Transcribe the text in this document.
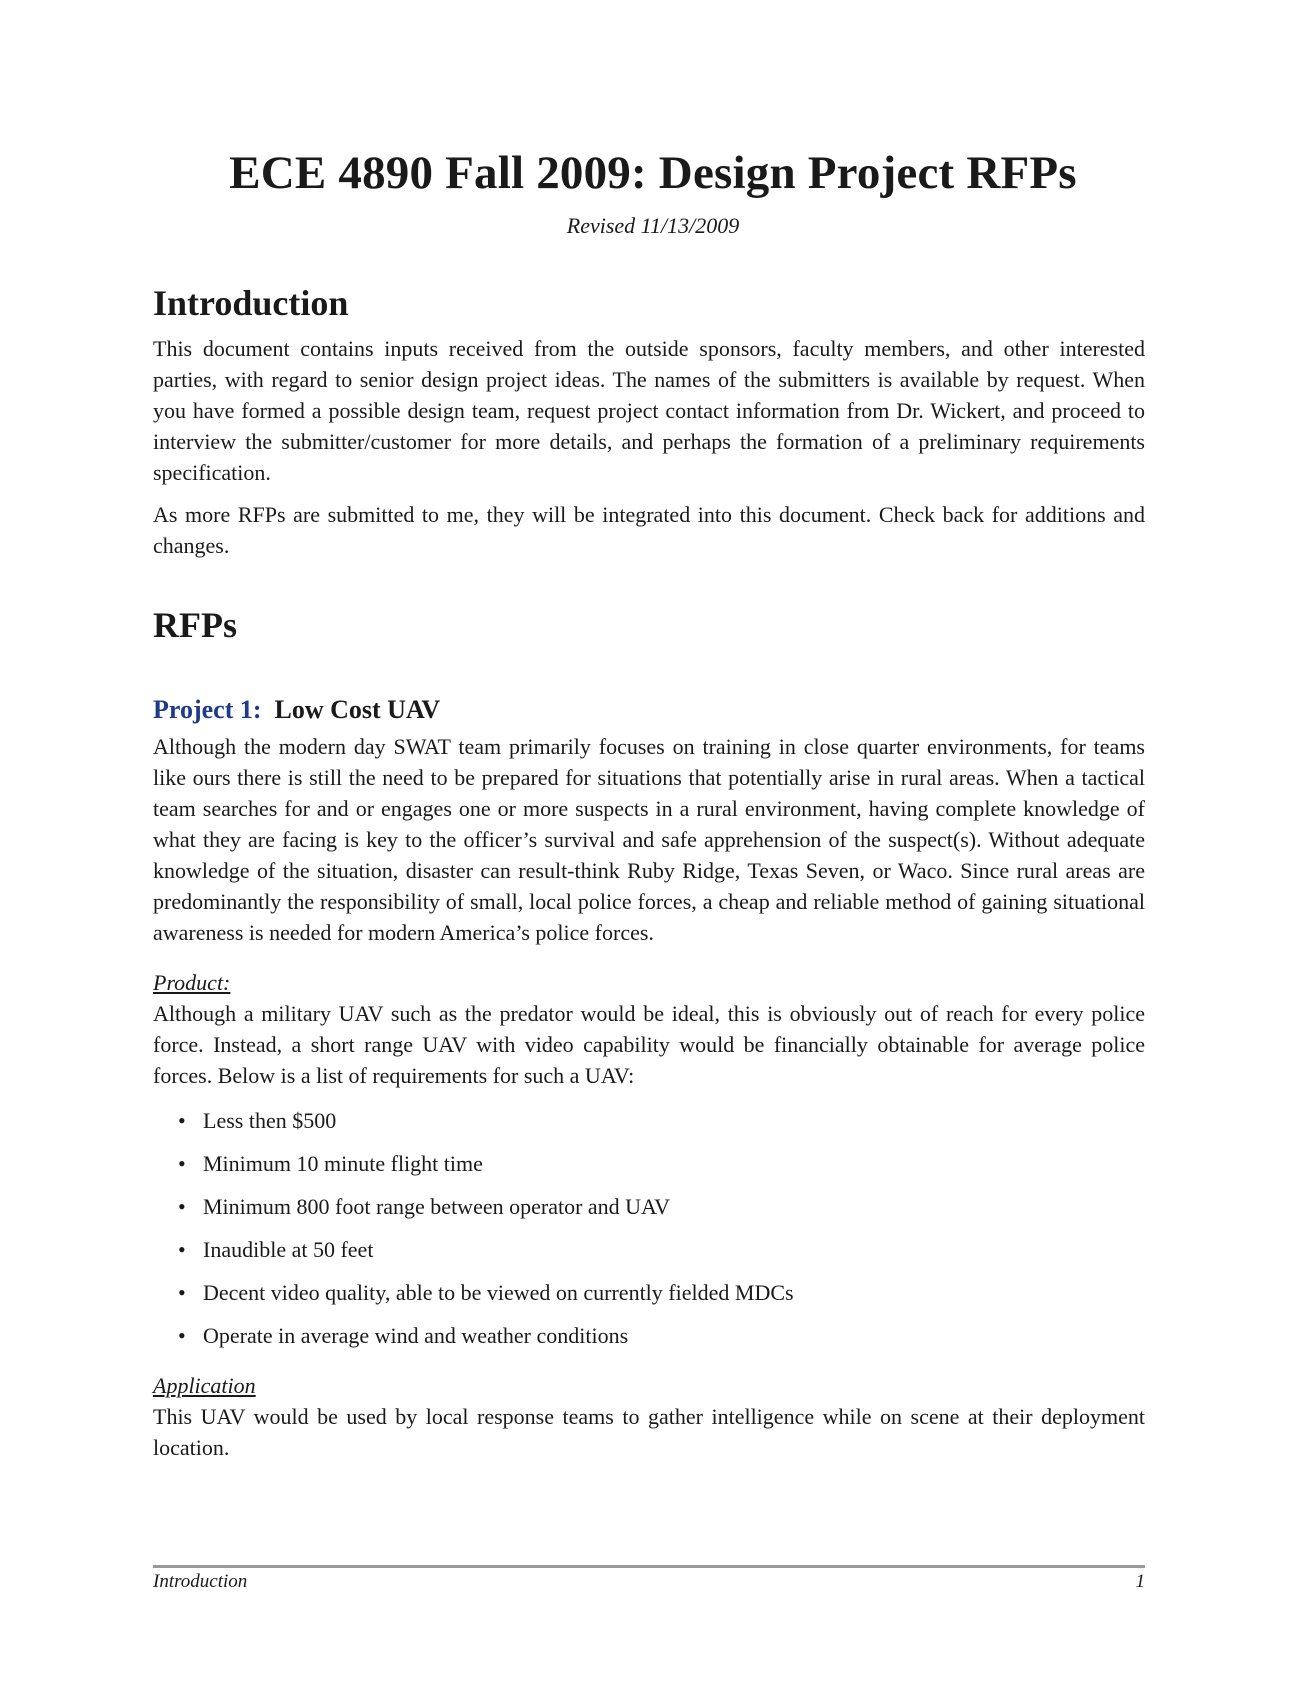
ECE 4890 Fall 2009: Design Project RFPs
Revised 11/13/2009
Introduction

This document contains inputs received from the outside sponsors, faculty members, and other interested parties, with regard to senior design project ideas. The names of the submitters is available by request. When you have formed a possible design team, request project contact information from Dr. Wickert, and proceed to interview the submitter/customer for more details, and perhaps the formation of a preliminary requirements specification.

As more RFPs are submitted to me, they will be integrated into this document. Check back for additions and changes.

RFPs
Project 1: Low Cost UAV

Although the modern day SWAT team primarily focuses on training in close quarter environments, for teams like ours there is still the need to be prepared for situations that potentially arise in rural areas. When a tactical team searches for and or engages one or more suspects in a rural environment, having complete knowledge of what they are facing is key to the officer’s survival and safe apprehension of the suspect(s). Without adequate knowledge of the situation, disaster can result-think Ruby Ridge, Texas Seven, or Waco. Since rural areas are predominantly the responsibility of small, local police forces, a cheap and reliable method of gaining situational awareness is needed for modern America’s police forces.

Product:

Although a military UAV such as the predator would be ideal, this is obviously out of reach for every police force. Instead, a short range UAV with video capability would be financially obtainable for average police forces. Below is a list of requirements for such a UAV:

• Less then $500
• Minimum 10 minute flight time
• Minimum 800 foot range between operator and UAV
• Inaudible at 50 feet
• Decent video quality, able to be viewed on currently fielded MDCs
• Operate in average wind and weather conditions
Application

This UAV would be used by local response teams to gather intelligence while on scene at their deployment location.

Introduction	1
